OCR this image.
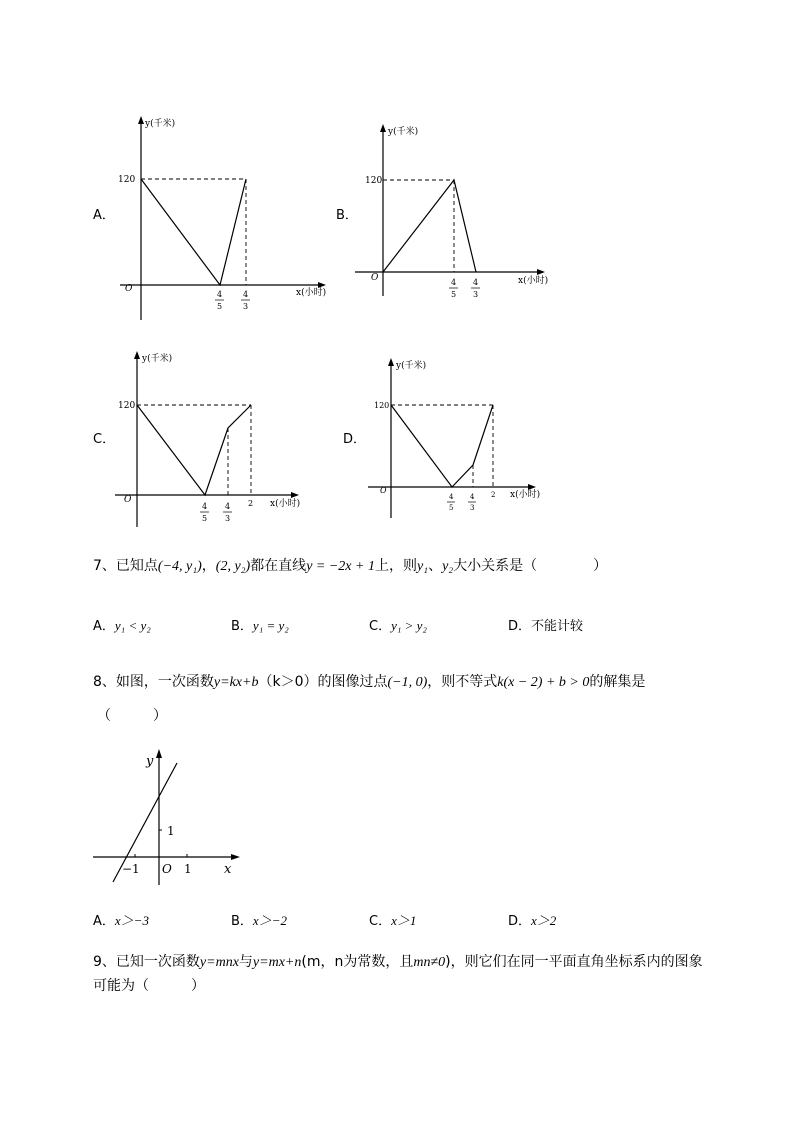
A．
y(千米)
120
O	x(小时)
4
5
4
3
B．
y(千米)
120
O	x(小时)
4
5
4
3
C．
y(千米)
120
O	x(小时)
4
5
4
3
2
D．
y(千米)
120
O	x(小时)
4
5
4
3
2
7、已知点(−4, y₁)，(2, y₂)都在直线y = −2x + 1上，则y₁、y₂大小关系是（　　　　）
A．y₁ < y₂	B．y₁ = y₂	C．y₁ > y₂	D．不能计较
8、如图，一次函数y=kx+b（k＞0）的图像过点(−1, 0)，则不等式k(x − 2) + b > 0的解集是
（　　　）
y
x
O
1
1
−1
A．x＞−3	B．x＞−2	C．x＞1	D．x＞2
9、已知一次函数y=mnx与y=mx+n(m，n为常数，且mn≠0)，则它们在同一平面直角坐标系内的图象
可能为（　　　）
